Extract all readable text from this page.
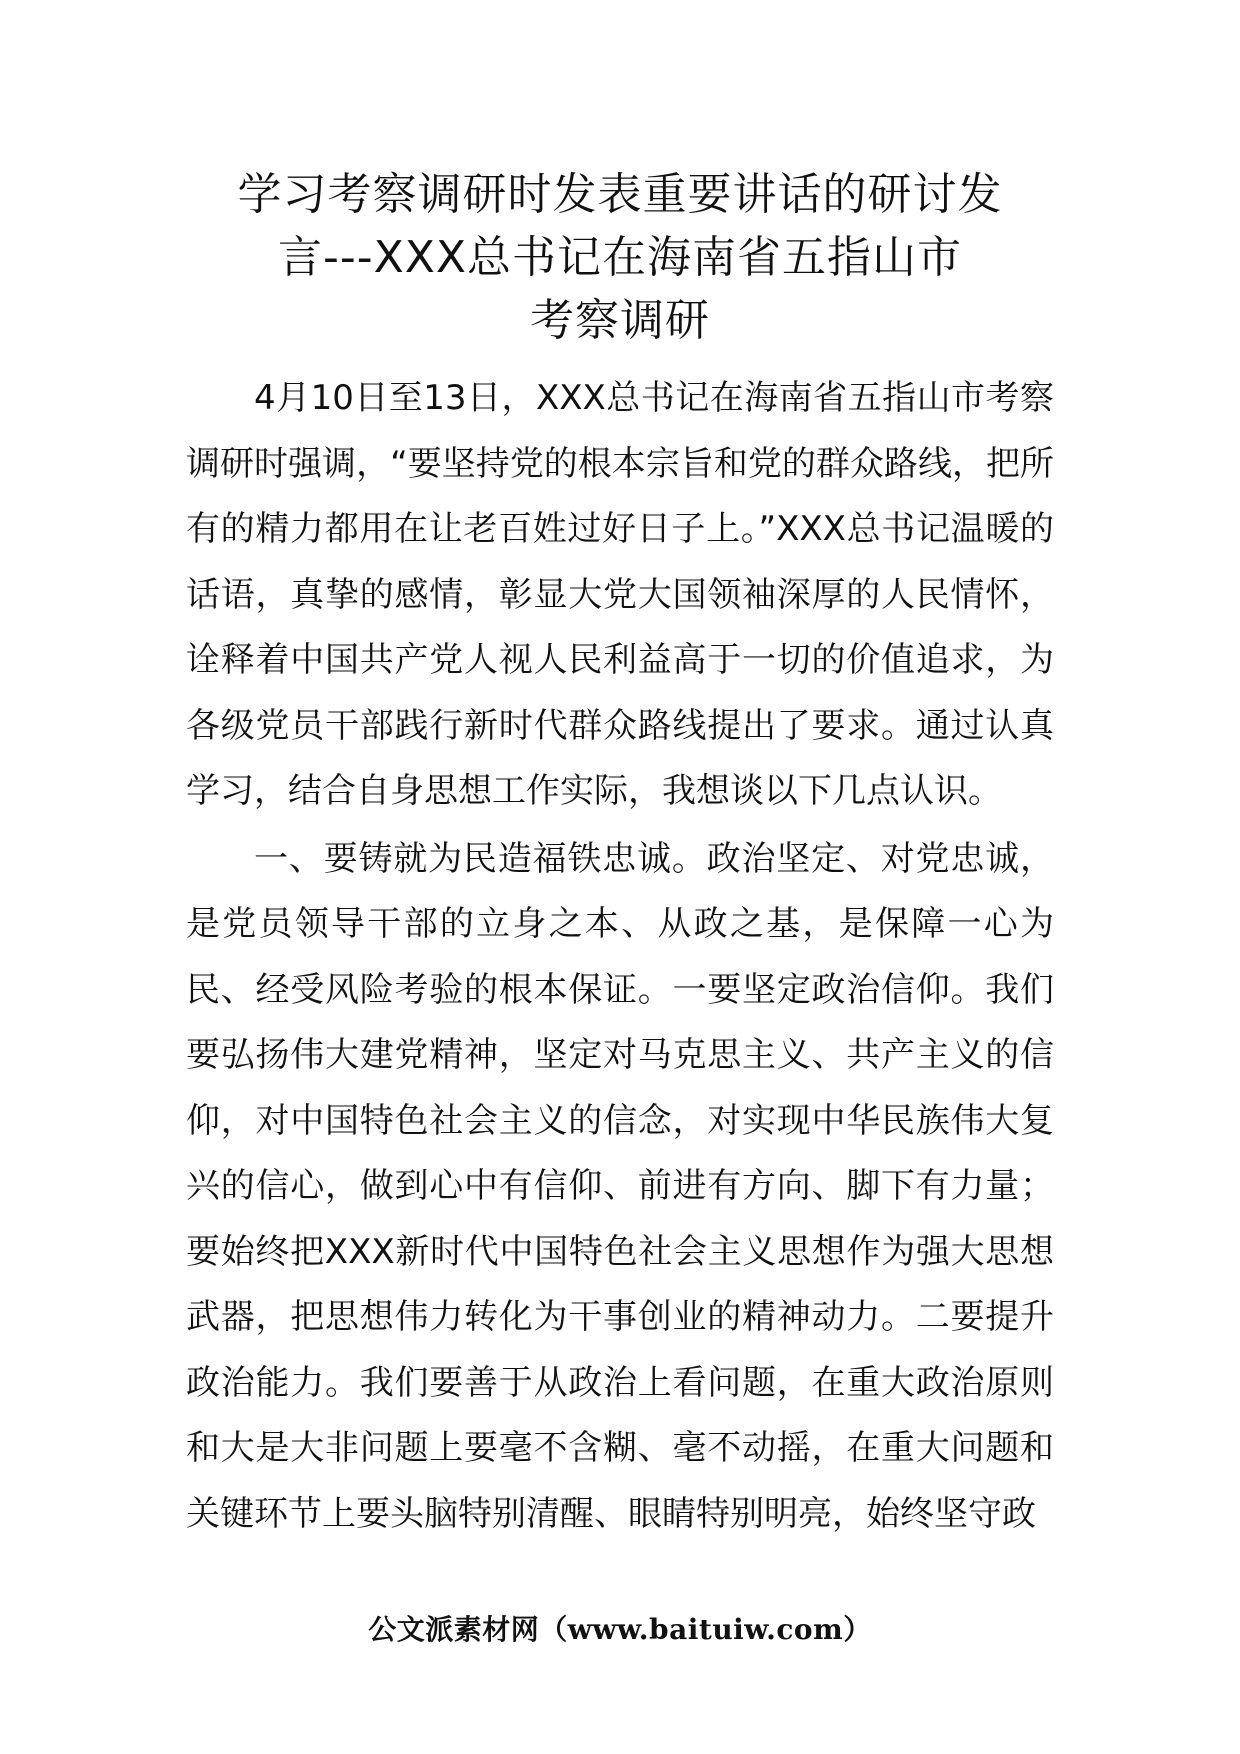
学习考察调研时发表重要讲话的研讨发
言---XXX总书记在海南省五指山市
考察调研

4月10日至13日，XXX总书记在海南省五指山市考察调研时强调，“要坚持党的根本宗旨和党的群众路线，把所有的精力都用在让老百姓过好日子上。”XXX总书记温暖的话语，真挚的感情，彰显大党大国领袖深厚的人民情怀，诠释着中国共产党人视人民利益高于一切的价值追求，为各级党员干部践行新时代群众路线提出了要求。通过认真学习，结合自身思想工作实际，我想谈以下几点认识。

一、要铸就为民造福铁忠诚。政治坚定、对党忠诚，是党员领导干部的立身之本、从政之基，是保障一心为民、经受风险考验的根本保证。一要坚定政治信仰。我们要弘扬伟大建党精神，坚定对马克思主义、共产主义的信仰，对中国特色社会主义的信念，对实现中华民族伟大复兴的信心，做到心中有信仰、前进有方向、脚下有力量；要始终把XXX新时代中国特色社会主义思想作为强大思想武器，把思想伟力转化为干事创业的精神动力。二要提升政治能力。我们要善于从政治上看问题，在重大政治原则和大是大非问题上要毫不含糊、毫不动摇，在重大问题和关键环节上要头脑特别清醒、眼睛特别明亮，始终坚守政

公文派素材网（www.baituiw.com）
